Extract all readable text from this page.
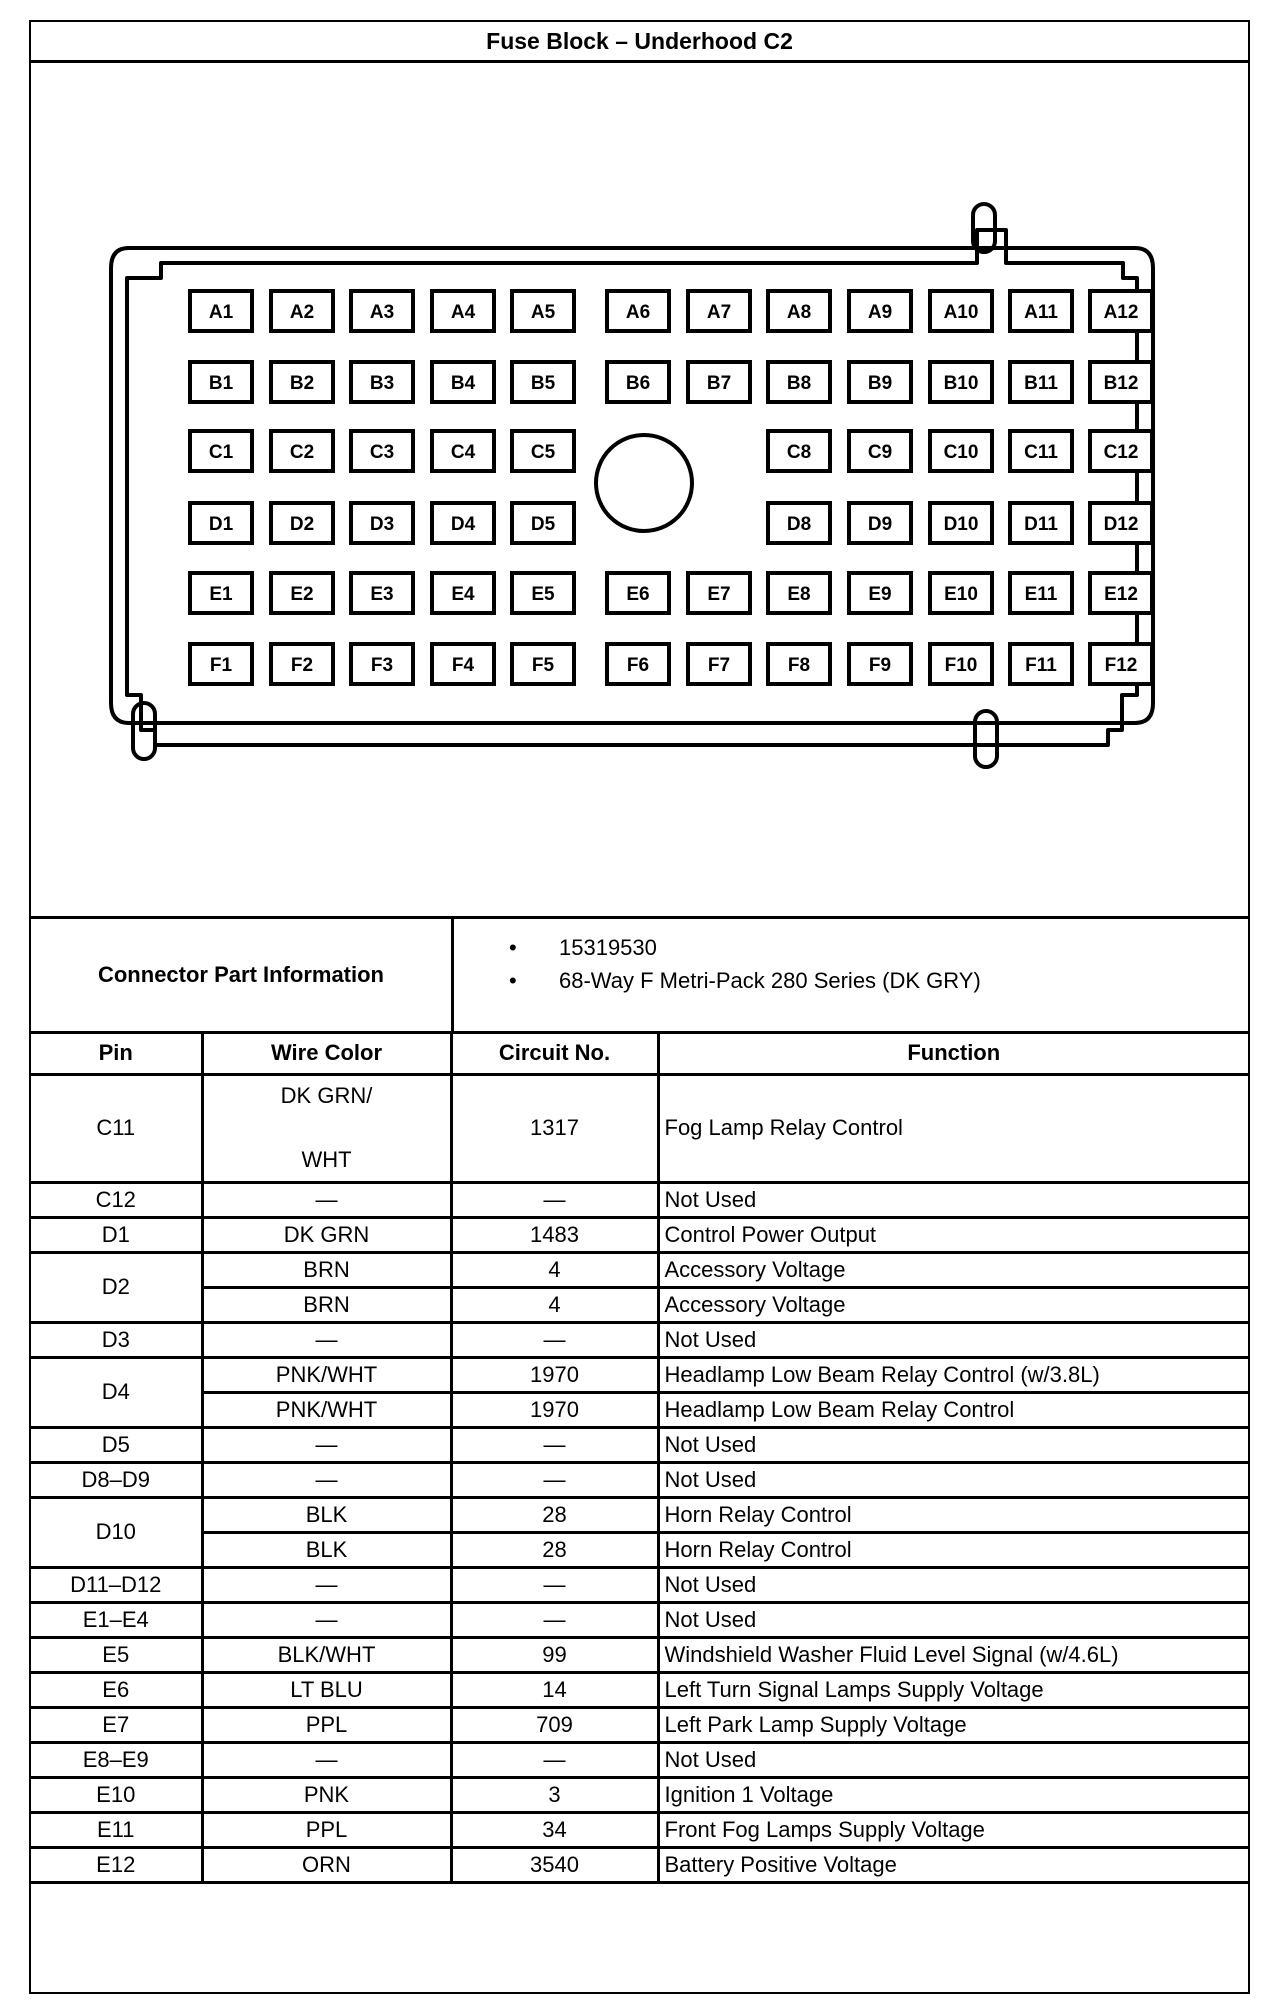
Fuse Block – Underhood C2
A1	A2	A3	A4	A5	A6	A7	A8	A9	A10 A11 A12
B1	B2	B3	B4	B5	B6	B7	B8	B9	B10 B11 B12
C1	C2	C3	C4	C5	C8	C9	C10 C11 C12
D1	D2	D3	D4	D5	D8	D9	D10 D11 D12
E1	E2	E3	E4	E5	E6	E7	E8	E9	E10 E11 E12
F1	F2	F3	F4	F5	F6	F7	F8	F9	F10	F11	F12
Connector Part Information
• 15319530
• 68-Way F Metri-Pack 280 Series (DK GRY)
Pin	Wire Color	Circuit No.	Function
C11	DK GRN/
WHT	1317	Fog Lamp Relay Control
C12	—	—	Not Used
D1	DK GRN	1483	Control Power Output
D2	BRN	4	Accessory Voltage
	BRN	4	Accessory Voltage
D3	—	—	Not Used
D4	PNK/WHT	1970	Headlamp Low Beam Relay Control (w/3.8L)
	PNK/WHT	1970	Headlamp Low Beam Relay Control
D5	—	—	Not Used
D8–D9	—	—	Not Used
D10	BLK	28	Horn Relay Control
	BLK	28	Horn Relay Control
D11–D12	—	—	Not Used
E1–E4	—	—	Not Used
E5	BLK/WHT	99	Windshield Washer Fluid Level Signal (w/4.6L)
E6	LT BLU	14	Left Turn Signal Lamps Supply Voltage
E7	PPL	709	Left Park Lamp Supply Voltage
E8–E9	—	—	Not Used
E10	PNK	3	Ignition 1 Voltage
E11	PPL	34	Front Fog Lamps Supply Voltage
E12	ORN	3540	Battery Positive Voltage
